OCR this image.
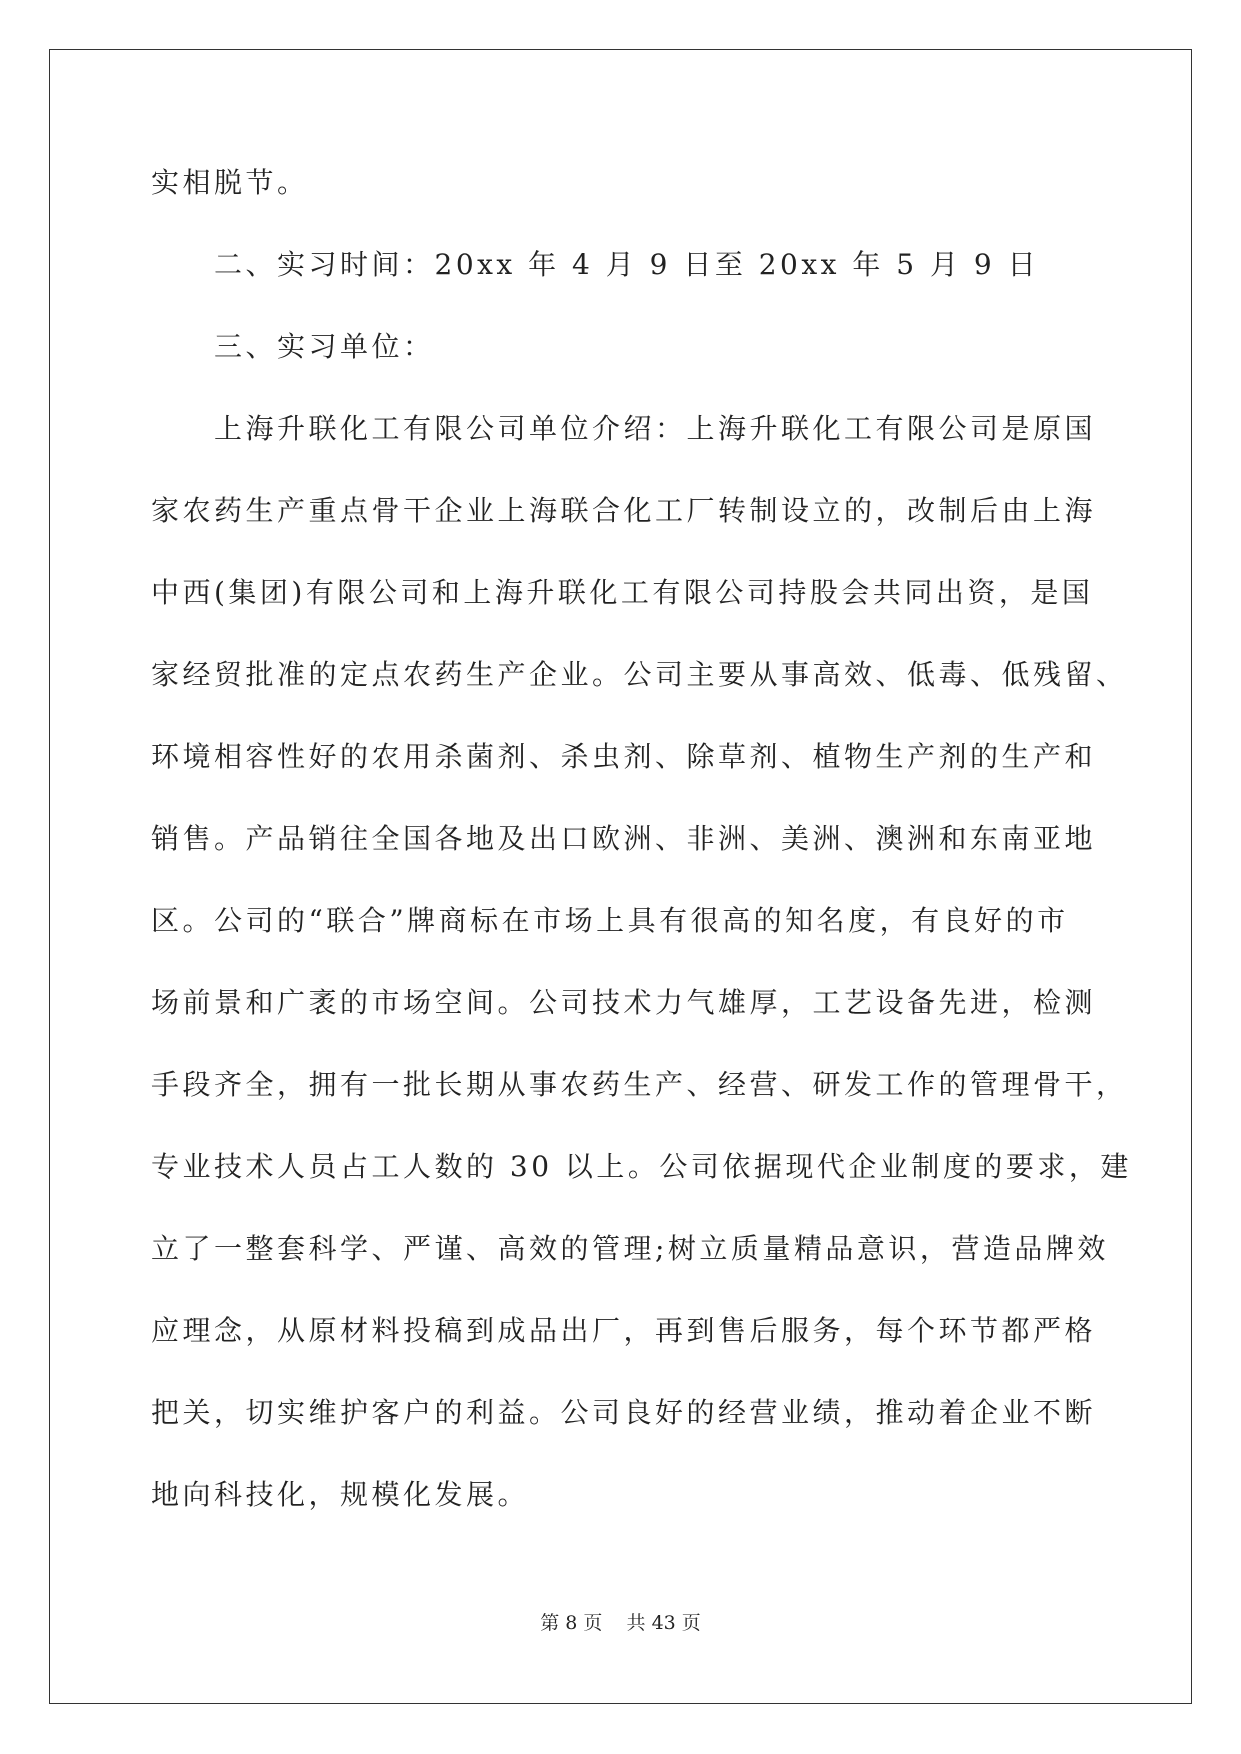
实相脱节。
二、实习时间：20xx 年 4 月 9 日至 20xx 年 5 月 9 日
三、实习单位：
上海升联化工有限公司单位介绍：上海升联化工有限公司是原国
家农药生产重点骨干企业上海联合化工厂转制设立的，改制后由上海
中西(集团)有限公司和上海升联化工有限公司持股会共同出资，是国
家经贸批准的定点农药生产企业。公司主要从事高效、低毒、低残留、
环境相容性好的农用杀菌剂、杀虫剂、除草剂、植物生产剂的生产和
销售。产品销往全国各地及出口欧洲、非洲、美洲、澳洲和东南亚地
区。公司的“联合”牌商标在市场上具有很高的知名度，有良好的市
场前景和广袤的市场空间。公司技术力气雄厚，工艺设备先进，检测
手段齐全，拥有一批长期从事农药生产、经营、研发工作的管理骨干，
专业技术人员占工人数的 30 以上。公司依据现代企业制度的要求，建
立了一整套科学、严谨、高效的管理;树立质量精品意识，营造品牌效
应理念，从原材料投稿到成品出厂，再到售后服务，每个环节都严格
把关，切实维护客户的利益。公司良好的经营业绩，推动着企业不断
地向科技化，规模化发展。
第 8 页    共 43 页
